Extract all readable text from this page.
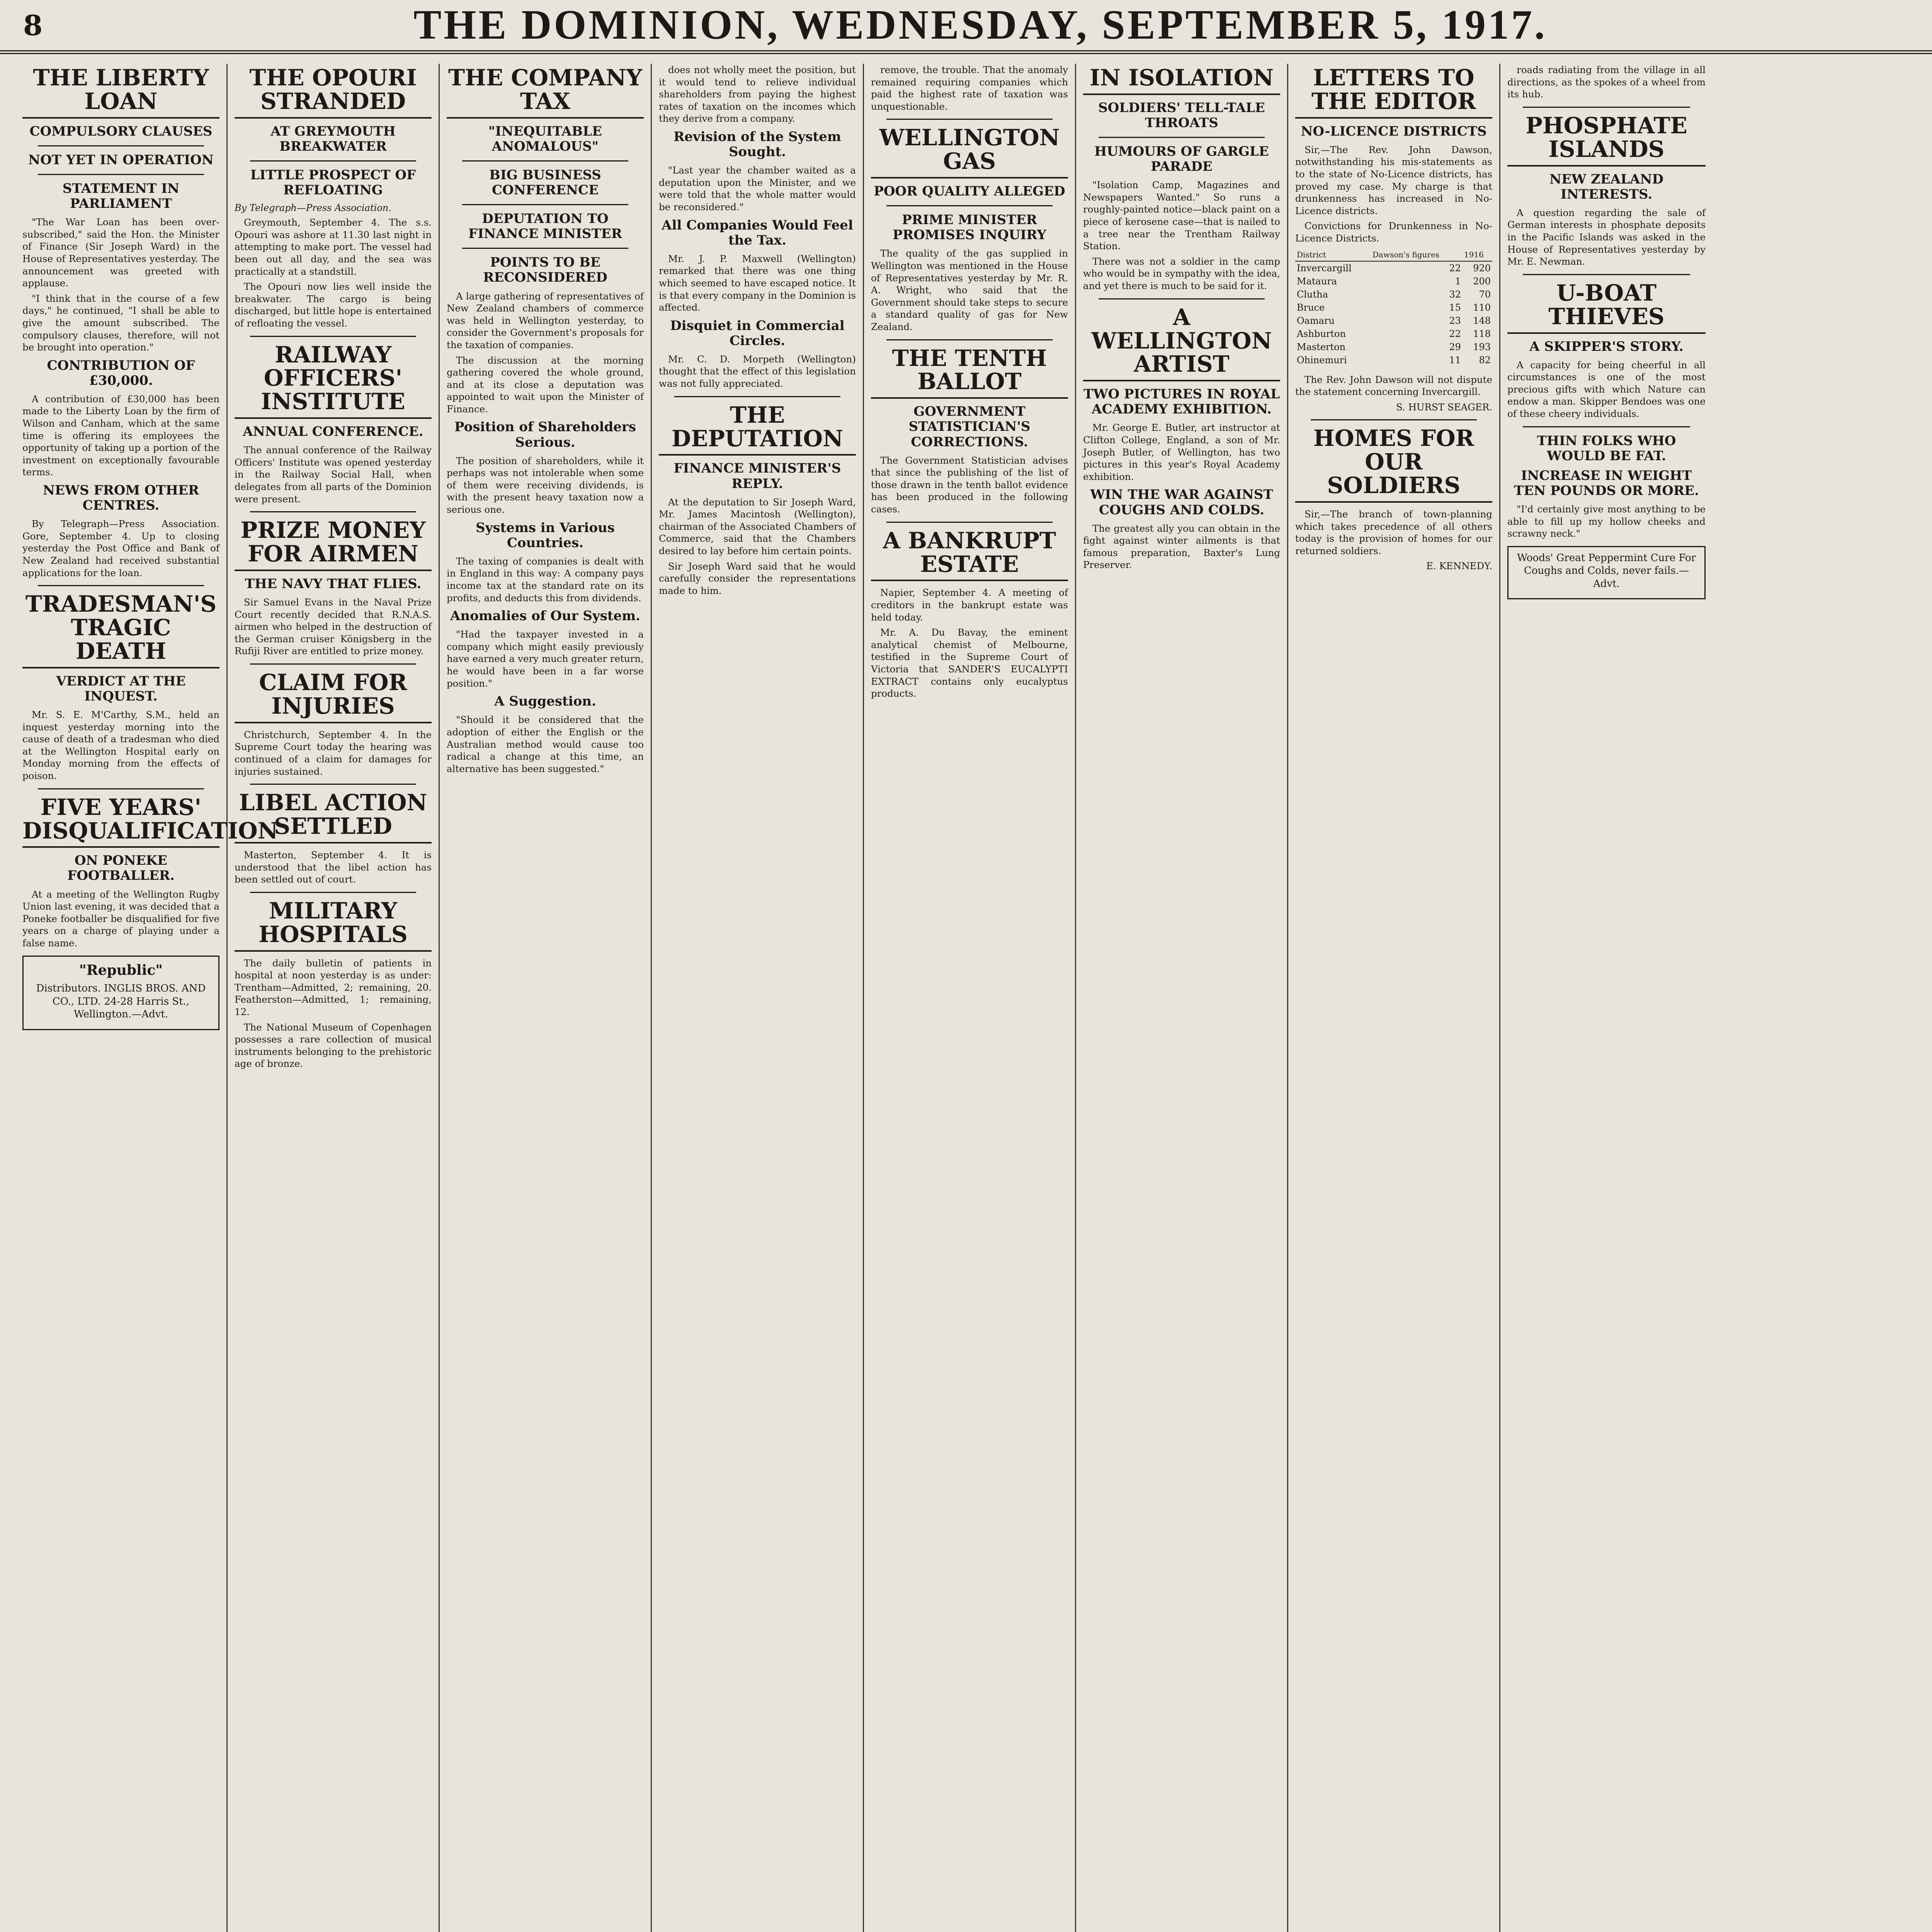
8	THE DOMINION, WEDNESDAY, SEPTEMBER 5, 1917.
THE LIBERTY LOAN
COMPULSORY CLAUSES
NOT YET IN OPERATION
STATEMENT IN PARLIAMENT

"The War Loan has been over-subscribed," said the Hon. the Minister of Finance (Sir Joseph Ward) in the House of Representatives yesterday. The announcement was greeted with applause.

"I think that in the course of a few days," he continued, "I shall be able to give the amount subscribed. The compulsory clauses, therefore, will not be brought into operation."

CONTRIBUTION OF £30,000.

A contribution of £30,000 has been made to the Liberty Loan by the firm of Wilson and Canham, which at the same time is offering its employees the opportunity of taking up a portion of the investment on exceptionally favourable terms.

NEWS FROM OTHER CENTRES.

By Telegraph—Press Association. Gore, September 4. Up to closing yesterday the Post Office and Bank of New Zealand had received substantial applications for the loan.

TRADESMAN'S TRAGIC DEATH
VERDICT AT THE INQUEST.

Mr. S. E. M'Carthy, S.M., held an inquest yesterday morning into the cause of death of a tradesman who died at the Wellington Hospital early on Monday morning from the effects of poison.

FIVE YEARS' DISQUALIFICATION
ON PONEKE FOOTBALLER.

At a meeting of the Wellington Rugby Union last evening, it was decided that a Poneke footballer be disqualified for five years on a charge of playing under a false name.

"Republic"

Distributors. INGLIS BROS. AND CO., LTD. 24-28 Harris St., Wellington.—Advt.

THE OPOURI STRANDED
AT GREYMOUTH BREAKWATER
LITTLE PROSPECT OF REFLOATING
By Telegraph—Press Association.

Greymouth, September 4. The s.s. Opouri was ashore at 11.30 last night in attempting to make port. The vessel had been out all day, and the sea was practically at a standstill.

The Opouri now lies well inside the breakwater. The cargo is being discharged, but little hope is entertained of refloating the vessel.

RAILWAY OFFICERS' INSTITUTE
ANNUAL CONFERENCE.

The annual conference of the Railway Officers' Institute was opened yesterday in the Railway Social Hall, when delegates from all parts of the Dominion were present.

PRIZE MONEY FOR AIRMEN
THE NAVY THAT FLIES.

Sir Samuel Evans in the Naval Prize Court recently decided that R.N.A.S. airmen who helped in the destruction of the German cruiser Königsberg in the Rufiji River are entitled to prize money.

CLAIM FOR INJURIES

Christchurch, September 4. In the Supreme Court today the hearing was continued of a claim for damages for injuries sustained.

LIBEL ACTION SETTLED

Masterton, September 4. It is understood that the libel action has been settled out of court.

MILITARY HOSPITALS

The daily bulletin of patients in hospital at noon yesterday is as under: Trentham—Admitted, 2; remaining, 20. Featherston—Admitted, 1; remaining, 12.

The National Museum of Copenhagen possesses a rare collection of musical instruments belonging to the prehistoric age of bronze.

THE COMPANY TAX
"INEQUITABLE ANOMALOUS"
BIG BUSINESS CONFERENCE
DEPUTATION TO FINANCE MINISTER
POINTS TO BE RECONSIDERED

A large gathering of representatives of New Zealand chambers of commerce was held in Wellington yesterday, to consider the Government's proposals for the taxation of companies.

The discussion at the morning gathering covered the whole ground, and at its close a deputation was appointed to wait upon the Minister of Finance.

Position of Shareholders Serious.

The position of shareholders, while it perhaps was not intolerable when some of them were receiving dividends, is with the present heavy taxation now a serious one.

Systems in Various Countries.

The taxing of companies is dealt with in England in this way: A company pays income tax at the standard rate on its profits, and deducts this from dividends.

Anomalies of Our System.

"Had the taxpayer invested in a company which might easily previously have earned a very much greater return, he would have been in a far worse position."

A Suggestion.

"Should it be considered that the adoption of either the English or the Australian method would cause too radical a change at this time, an alternative has been suggested."

does not wholly meet the position, but it would tend to relieve individual shareholders from paying the highest rates of taxation on the incomes which they derive from a company.

Revision of the System Sought.

"Last year the chamber waited as a deputation upon the Minister, and we were told that the whole matter would be reconsidered."

All Companies Would Feel the Tax.

Mr. J. P. Maxwell (Wellington) remarked that there was one thing which seemed to have escaped notice. It is that every company in the Dominion is affected.

Disquiet in Commercial Circles.

Mr. C. D. Morpeth (Wellington) thought that the effect of this legislation was not fully appreciated.

THE DEPUTATION
FINANCE MINISTER'S REPLY.

At the deputation to Sir Joseph Ward, Mr. James Macintosh (Wellington), chairman of the Associated Chambers of Commerce, said that the Chambers desired to lay before him certain points.

Sir Joseph Ward said that he would carefully consider the representations made to him.

remove, the trouble. That the anomaly remained requiring companies which paid the highest rate of taxation was unquestionable.

WELLINGTON GAS
POOR QUALITY ALLEGED
PRIME MINISTER PROMISES INQUIRY

The quality of the gas supplied in Wellington was mentioned in the House of Representatives yesterday by Mr. R. A. Wright, who said that the Government should take steps to secure a standard quality of gas for New Zealand.

THE TENTH BALLOT
GOVERNMENT STATISTICIAN'S CORRECTIONS.

The Government Statistician advises that since the publishing of the list of those drawn in the tenth ballot evidence has been produced in the following cases.

A BANKRUPT ESTATE

Napier, September 4. A meeting of creditors in the bankrupt estate was held today.

Mr. A. Du Bavay, the eminent analytical chemist of Melbourne, testified in the Supreme Court of Victoria that SANDER'S EUCALYPTI EXTRACT contains only eucalyptus products.

IN ISOLATION
SOLDIERS' TELL-TALE THROATS
HUMOURS OF GARGLE PARADE

"Isolation Camp, Magazines and Newspapers Wanted." So runs a roughly-painted notice—black paint on a piece of kerosene case—that is nailed to a tree near the Trentham Railway Station.

There was not a soldier in the camp who would be in sympathy with the idea, and yet there is much to be said for it.

A WELLINGTON ARTIST
TWO PICTURES IN ROYAL ACADEMY EXHIBITION.

Mr. George E. Butler, art instructor at Clifton College, England, a son of Mr. Joseph Butler, of Wellington, has two pictures in this year's Royal Academy exhibition.

WIN THE WAR AGAINST COUGHS AND COLDS.

The greatest ally you can obtain in the fight against winter ailments is that famous preparation, Baxter's Lung Preserver.

LETTERS TO THE EDITOR
NO-LICENCE DISTRICTS

Sir,—The Rev. John Dawson, notwithstanding his mis-statements as to the state of No-Licence districts, has proved my case. My charge is that drunkenness has increased in No-Licence districts.

Convictions for Drunkenness in No-Licence Districts.

District	Dawson's figures	1916
Invercargill	22	920
Mataura	1	200
Clutha	32	70
Bruce	15	110
Oamaru	23	148
Ashburton	22	118
Masterton	29	193
Ohinemuri	11	82

The Rev. John Dawson will not dispute the statement concerning Invercargill.

S. HURST SEAGER.

HOMES FOR OUR SOLDIERS

Sir,—The branch of town-planning which takes precedence of all others today is the provision of homes for our returned soldiers.

E. KENNEDY.

roads radiating from the village in all directions, as the spokes of a wheel from its hub.

PHOSPHATE ISLANDS
NEW ZEALAND INTERESTS.

A question regarding the sale of German interests in phosphate deposits in the Pacific Islands was asked in the House of Representatives yesterday by Mr. E. Newman.

U-BOAT THIEVES
A SKIPPER'S STORY.

A capacity for being cheerful in all circumstances is one of the most precious gifts with which Nature can endow a man. Skipper Bendoes was one of these cheery individuals.

THIN FOLKS WHO WOULD BE FAT.
INCREASE IN WEIGHT TEN POUNDS OR MORE.

"I'd certainly give most anything to be able to fill up my hollow cheeks and scrawny neck."

Woods' Great Peppermint Cure For Coughs and Colds, never fails.—Advt.
